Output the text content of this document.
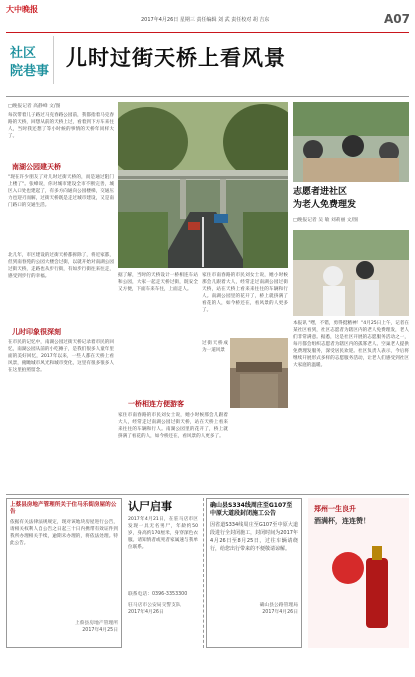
大中晚报
2017年4月26日 星期三 责任编辑 刘 武 责任校对 胡 吉东	A07
社区
院巷事
儿时过街天桥上看风景
□晚报记者 高静峰 文/图
每次带着儿子路过马克春路公园前，我都指着马克春路的天桥，回想从前的天桥上过，看着到下方车来往人，当时我还想了等小时候的事情的天桥年同样大了。
南湖公园建天桥
"现在许少朋友了对儿时过街天桥的，而是通过阻门上楼了"。张峰说，你对城市建设全市不断完善，城区入口处也建起了，有多方向通向公园楼梯，交通压力也迎刃而解，过街天桥既是走过城市建设，又是南门路口的交通生活。
北儿年，市区建设的过街天桥都拆除了，将近家都，但到南春苑的公园大楼会过街，以就开始对南湖公园过街天桥，走路也从步行街，有如步行街往来往走，感受到步行的幸福。
儿时印象很深刻
在市民的记忆中，南湖公园过街天桥记录着市民的回忆，南湖公园从前的小吃摊子，是我们很多人童年里面的美好回忆，2017年以来，一些人都在天桥上看风景，俯瞰城市风光和城市变化，这里有很多很多人在这里拍照留念。
据了解，当时的天桥设计一桥相连车站和公园，大家一起走天桥过街，既安全又方便，下面车来车往，上面走人。
一桥相连方便游客
家住市南春路的市民刘女士说，她小时候那会儿跟着大人，经常走过南湖公园过街天桥，站在天桥上看来来往往的车辆和行人。南湖公园里的花开了，桥上就挤满了看花的人，如今桥还在，看风景的人更多了。
家住市南春路的市民刘女士说，她小时候那会儿跟着大人，经常走过南湖公园过街天桥，站在天桥上看来来往往的车辆和行人。南湖公园里的花开了，桥上就挤满了看花的人，如今桥还在，看风景的人更多了。
过街天桥成为一道风景
志愿者进社区
为老人免费理发
□晚报记者 吴 敏 刘莉丽 文/图
本报讯 "嘿，不错，剪得挺精神！"4月25日上午，记者在某社区看到，社区志愿者为辖区内的老人免费理发，老人们非常满意。据悉，这是社区开展的志愿服务活动之一，每月都会组织志愿者为辖区内的孤寡老人、空巢老人提供免费理发服务，深受居民欢迎。社区负责人表示，今后将继续开展形式多样的志愿服务活动，让老人们感受到社区大家庭的温暖。
上蔡县房地产管理所关于住马乐街房屋的公告
依据有关法律法规规定，现对该地块房屋进行公告，请相关权利人自公告之日起三十日内携带有效证件到我所办理相关手续，逾期未办理的，将依法处理。特此公告。
上蔡县房地产管理所
2017年4月25日
认尸启事
2017年4月21日，在驻马店市区发现一具无名男尸，年龄约50岁，身高约170厘米，身穿深色衣服。请知情者或死者家属速与我单位联系。
联系电话：0396-3353300
驻马店市公安局交警支队
2017年4月26日
确山县S334线周庄至G107至中原大道段封闭施工公告
因省道S334线周庄至G107至中原大道段进行全封闭施工，封闭时间为2017年4月26日至8月25日，过往车辆请绕行，给您出行带来的不便敬请谅解。
确山县公路管理局
2017年4月26日
郑州一生良升
酒满杯，连连赞！
